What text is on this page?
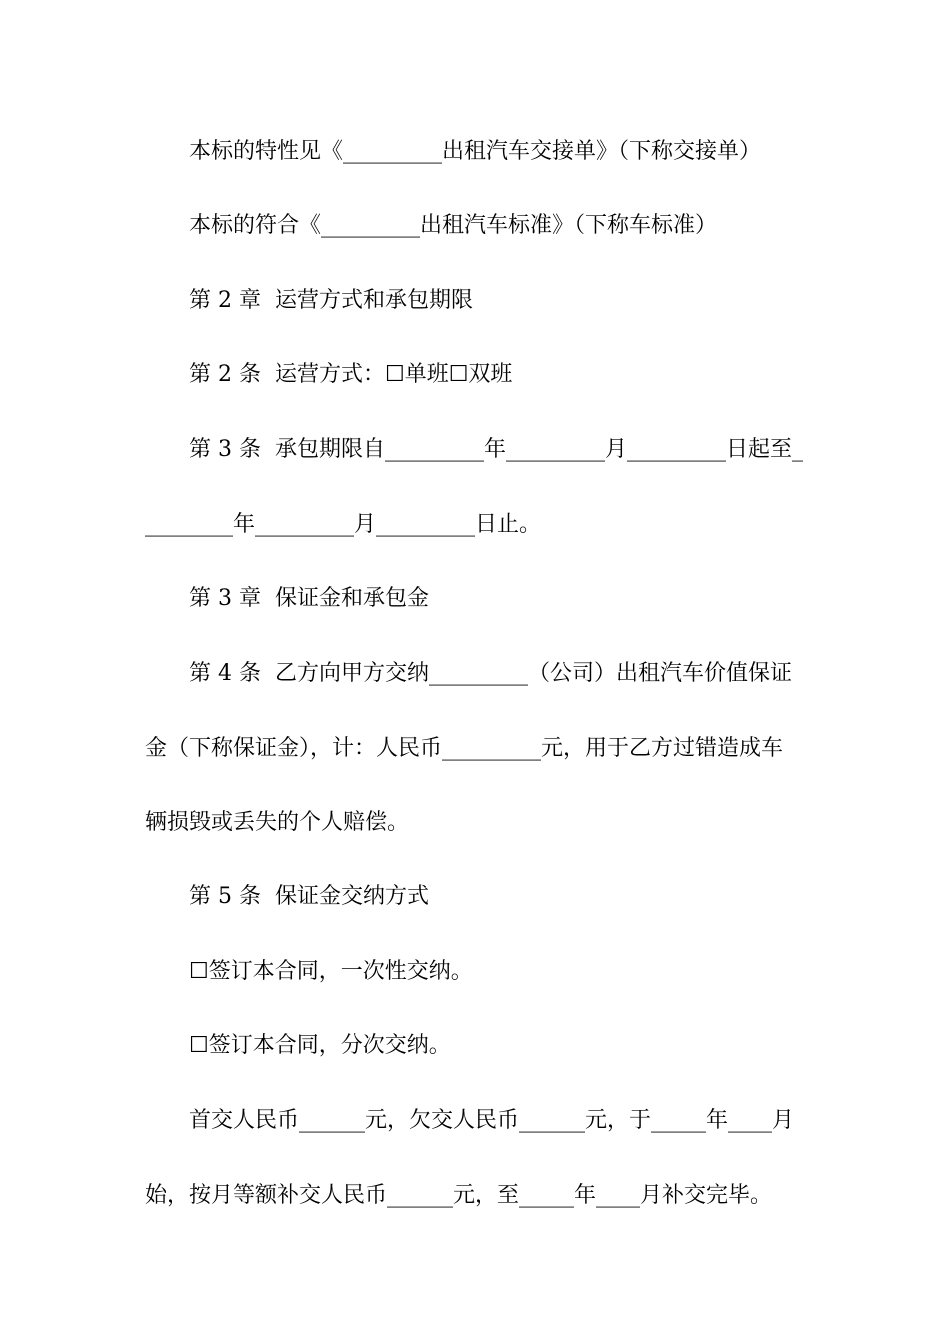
本标的特性见《_________出租汽车交接单》（下称交接单）
本标的符合《_________出租汽车标准》（下称车标准）
第 2 章  运营方式和承包期限
第 2 条  运营方式：☐单班☐双班
第 3 条  承包期限自_________年_________月_________日起至_
________年_________月_________日止。
第 3 章  保证金和承包金
第 4 条  乙方向甲方交纳_________（公司）出租汽车价值保证
金（下称保证金），计：人民币_________元，用于乙方过错造成车
辆损毁或丢失的个人赔偿。
第 5 条  保证金交纳方式
☐签订本合同，一次性交纳。
☐签订本合同，分次交纳。
首交人民币______元，欠交人民币______元，于_____年____月
始，按月等额补交人民币______元，至_____年____月补交完毕。
